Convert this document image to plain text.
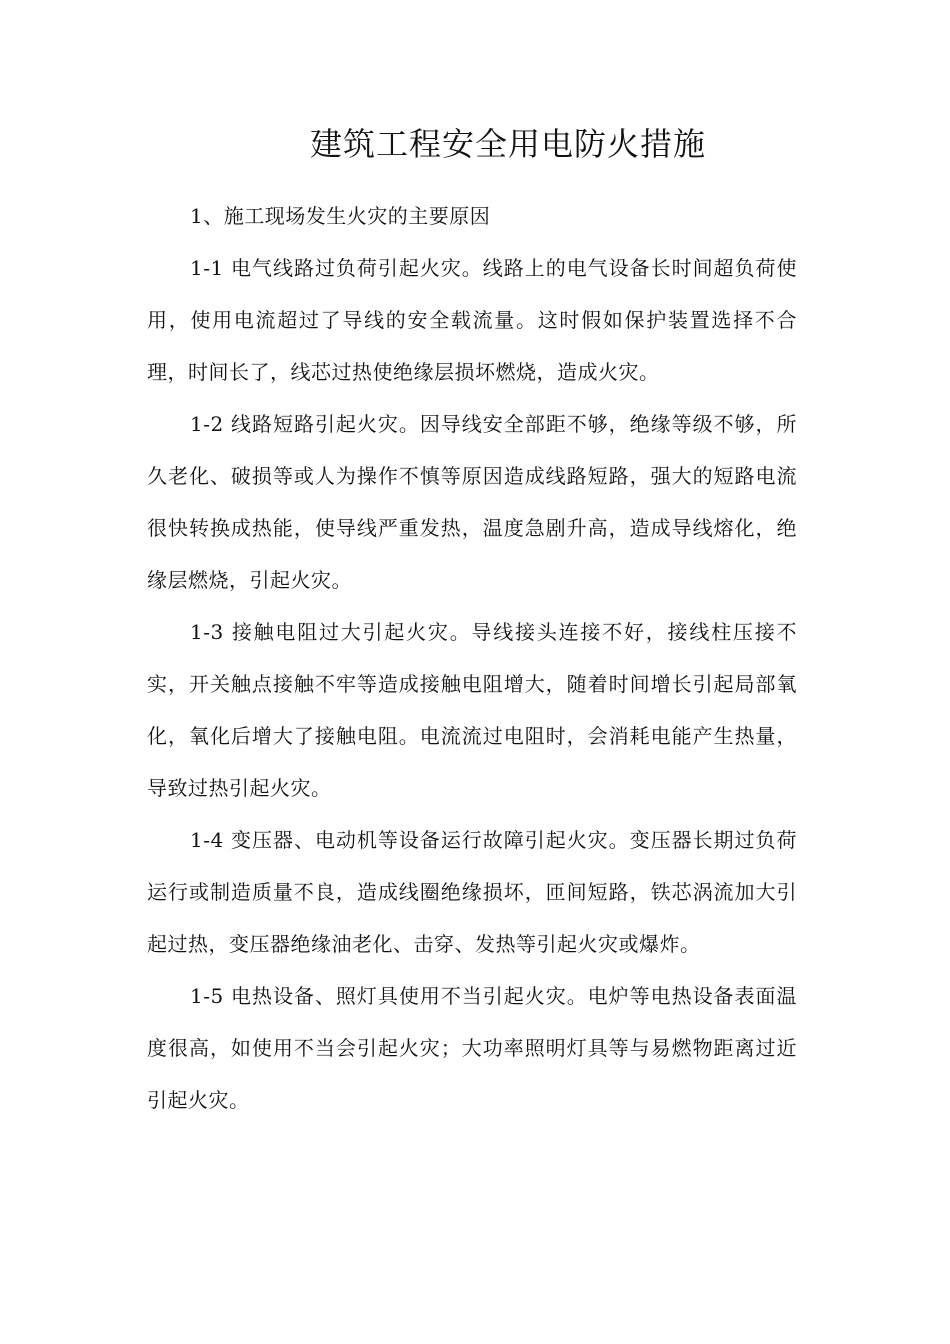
建筑工程安全用电防火措施

1、施工现场发生火灾的主要原因

1-1 电气线路过负荷引起火灾。线路上的电气设备长时间超负荷使用，使用电流超过了导线的安全载流量。这时假如保护装置选择不合理，时间长了，线芯过热使绝缘层损坏燃烧，造成火灾。

1-2 线路短路引起火灾。因导线安全部距不够，绝缘等级不够，所久老化、破损等或人为操作不慎等原因造成线路短路，强大的短路电流很快转换成热能，使导线严重发热，温度急剧升高，造成导线熔化，绝缘层燃烧，引起火灾。

1-3 接触电阻过大引起火灾。导线接头连接不好，接线柱压接不实，开关触点接触不牢等造成接触电阻增大，随着时间增长引起局部氧化，氧化后增大了接触电阻。电流流过电阻时，会消耗电能产生热量，导致过热引起火灾。

1-4 变压器、电动机等设备运行故障引起火灾。变压器长期过负荷运行或制造质量不良，造成线圈绝缘损坏，匝间短路，铁芯涡流加大引起过热，变压器绝缘油老化、击穿、发热等引起火灾或爆炸。

1-5 电热设备、照灯具使用不当引起火灾。电炉等电热设备表面温度很高，如使用不当会引起火灾；大功率照明灯具等与易燃物距离过近引起火灾。
